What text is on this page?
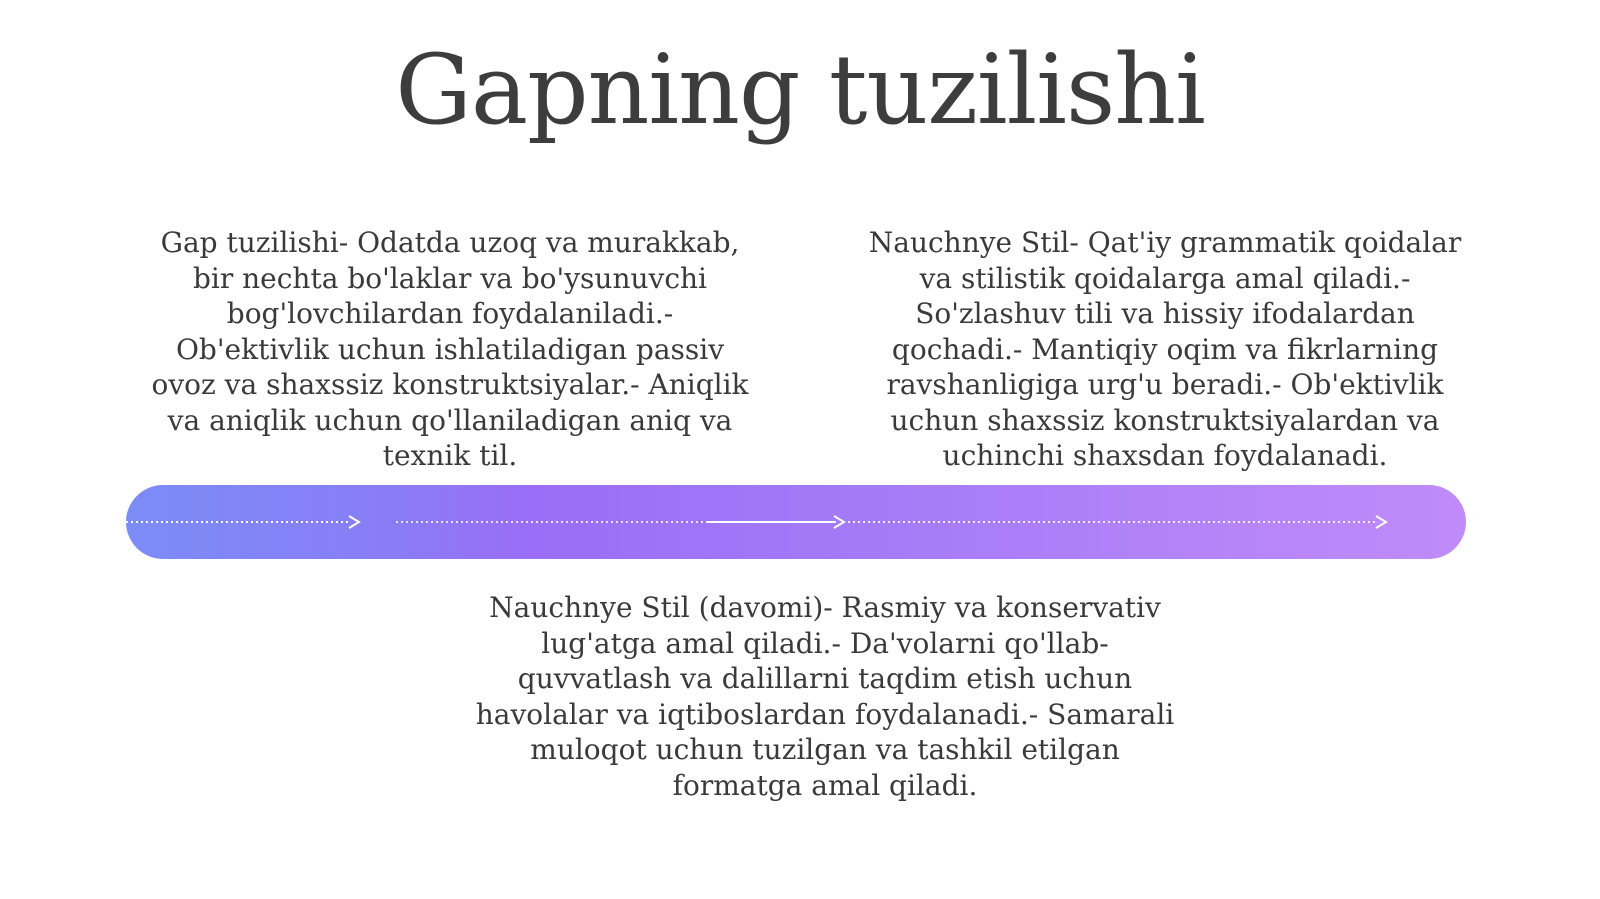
Gapning tuzilishi
Gap tuzilishi- Odatda uzoq va murakkab, bir nechta bo'laklar va bo'ysunuvchi bog'lovchilardan foydalaniladi.- Ob'ektivlik uchun ishlatiladigan passiv ovoz va shaxssiz konstruktsiyalar.- Aniqlik va aniqlik uchun qo'llaniladigan aniq va texnik til.
Nauchnye Stil- Qat'iy grammatik qoidalar va stilistik qoidalarga amal qiladi.- So'zlashuv tili va hissiy ifodalardan qochadi.- Mantiqiy oqim va fikrlarning ravshanligiga urg'u beradi.- Ob'ektivlik uchun shaxssiz konstruktsiyalardan va uchinchi shaxsdan foydalanadi.
Nauchnye Stil (davomi)- Rasmiy va konservativ lug'atga amal qiladi.- Da'volarni qo'llab-quvvatlash va dalillarni taqdim etish uchun havolalar va iqtiboslardan foydalanadi.- Samarali muloqot uchun tuzilgan va tashkil etilgan formatga amal qiladi.
